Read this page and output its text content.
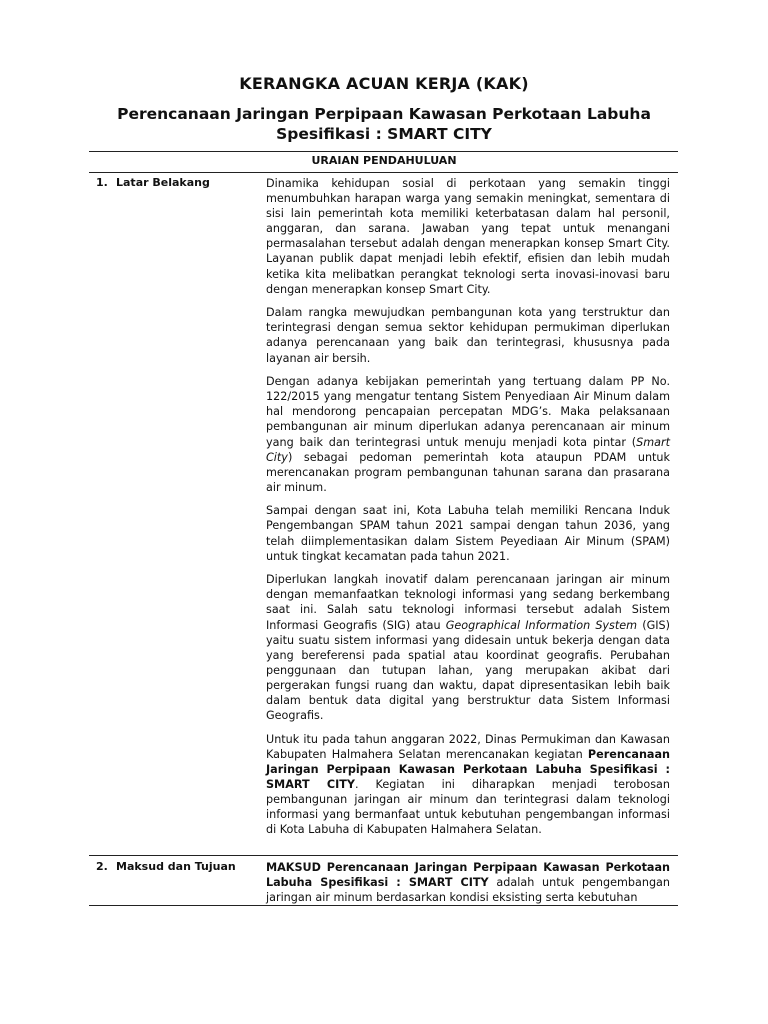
KERANGKA ACUAN KERJA (KAK)
Perencanaan Jaringan Perpipaan Kawasan Perkotaan Labuha
Spesifikasi : SMART CITY
URAIAN PENDAHULUAN
1. Latar Belakang	Dinamika kehidupan sosial di perkotaan yang semakin tinggi menumbuhkan harapan warga yang semakin meningkat, sementara di sisi lain pemerintah kota memiliki keterbatasan dalam hal personil, anggaran, dan sarana. Jawaban yang tepat untuk menangani permasalahan tersebut adalah dengan menerapkan konsep Smart City. Layanan publik dapat menjadi lebih efektif, efisien dan lebih mudah ketika kita melibatkan perangkat teknologi serta inovasi-inovasi baru dengan menerapkan konsep Smart City.

Dalam rangka mewujudkan pembangunan kota yang terstruktur dan terintegrasi dengan semua sektor kehidupan permukiman diperlukan adanya perencanaan yang baik dan terintegrasi, khususnya pada layanan air bersih.

Dengan adanya kebijakan pemerintah yang tertuang dalam PP No. 122/2015 yang mengatur tentang Sistem Penyediaan Air Minum dalam hal mendorong pencapaian percepatan MDG’s. Maka pelaksanaan pembangunan air minum diperlukan adanya perencanaan air minum yang baik dan terintegrasi untuk menuju menjadi kota pintar (Smart City) sebagai pedoman pemerintah kota ataupun PDAM untuk merencanakan program pembangunan tahunan sarana dan prasarana air minum.

Sampai dengan saat ini, Kota Labuha telah memiliki Rencana Induk Pengembangan SPAM tahun 2021 sampai dengan tahun 2036, yang telah diimplementasikan dalam Sistem Peyediaan Air Minum (SPAM) untuk tingkat kecamatan pada tahun 2021.

Diperlukan langkah inovatif dalam perencanaan jaringan air minum dengan memanfaatkan teknologi informasi yang sedang berkembang saat ini. Salah satu teknologi informasi tersebut adalah Sistem Informasi Geografis (SIG) atau Geographical Information System (GIS) yaitu suatu sistem informasi yang didesain untuk bekerja dengan data yang bereferensi pada spatial atau koordinat geografis. Perubahan penggunaan dan tutupan lahan, yang merupakan akibat dari pergerakan fungsi ruang dan waktu, dapat dipresentasikan lebih baik dalam bentuk data digital yang berstruktur data Sistem Informasi Geografis.

Untuk itu pada tahun anggaran 2022, Dinas Permukiman dan Kawasan Kabupaten Halmahera Selatan merencanakan kegiatan Perencanaan Jaringan Perpipaan Kawasan Perkotaan Labuha Spesifikasi : SMART CITY. Kegiatan ini diharapkan menjadi terobosan pembangunan jaringan air minum dan terintegrasi dalam teknologi informasi yang bermanfaat untuk kebutuhan pengembangan informasi di Kota Labuha di Kabupaten Halmahera Selatan.

2. Maksud dan Tujuan	MAKSUD Perencanaan Jaringan Perpipaan Kawasan Perkotaan Labuha Spesifikasi : SMART CITY adalah untuk pengembangan jaringan air minum berdasarkan kondisi eksisting serta kebutuhan
